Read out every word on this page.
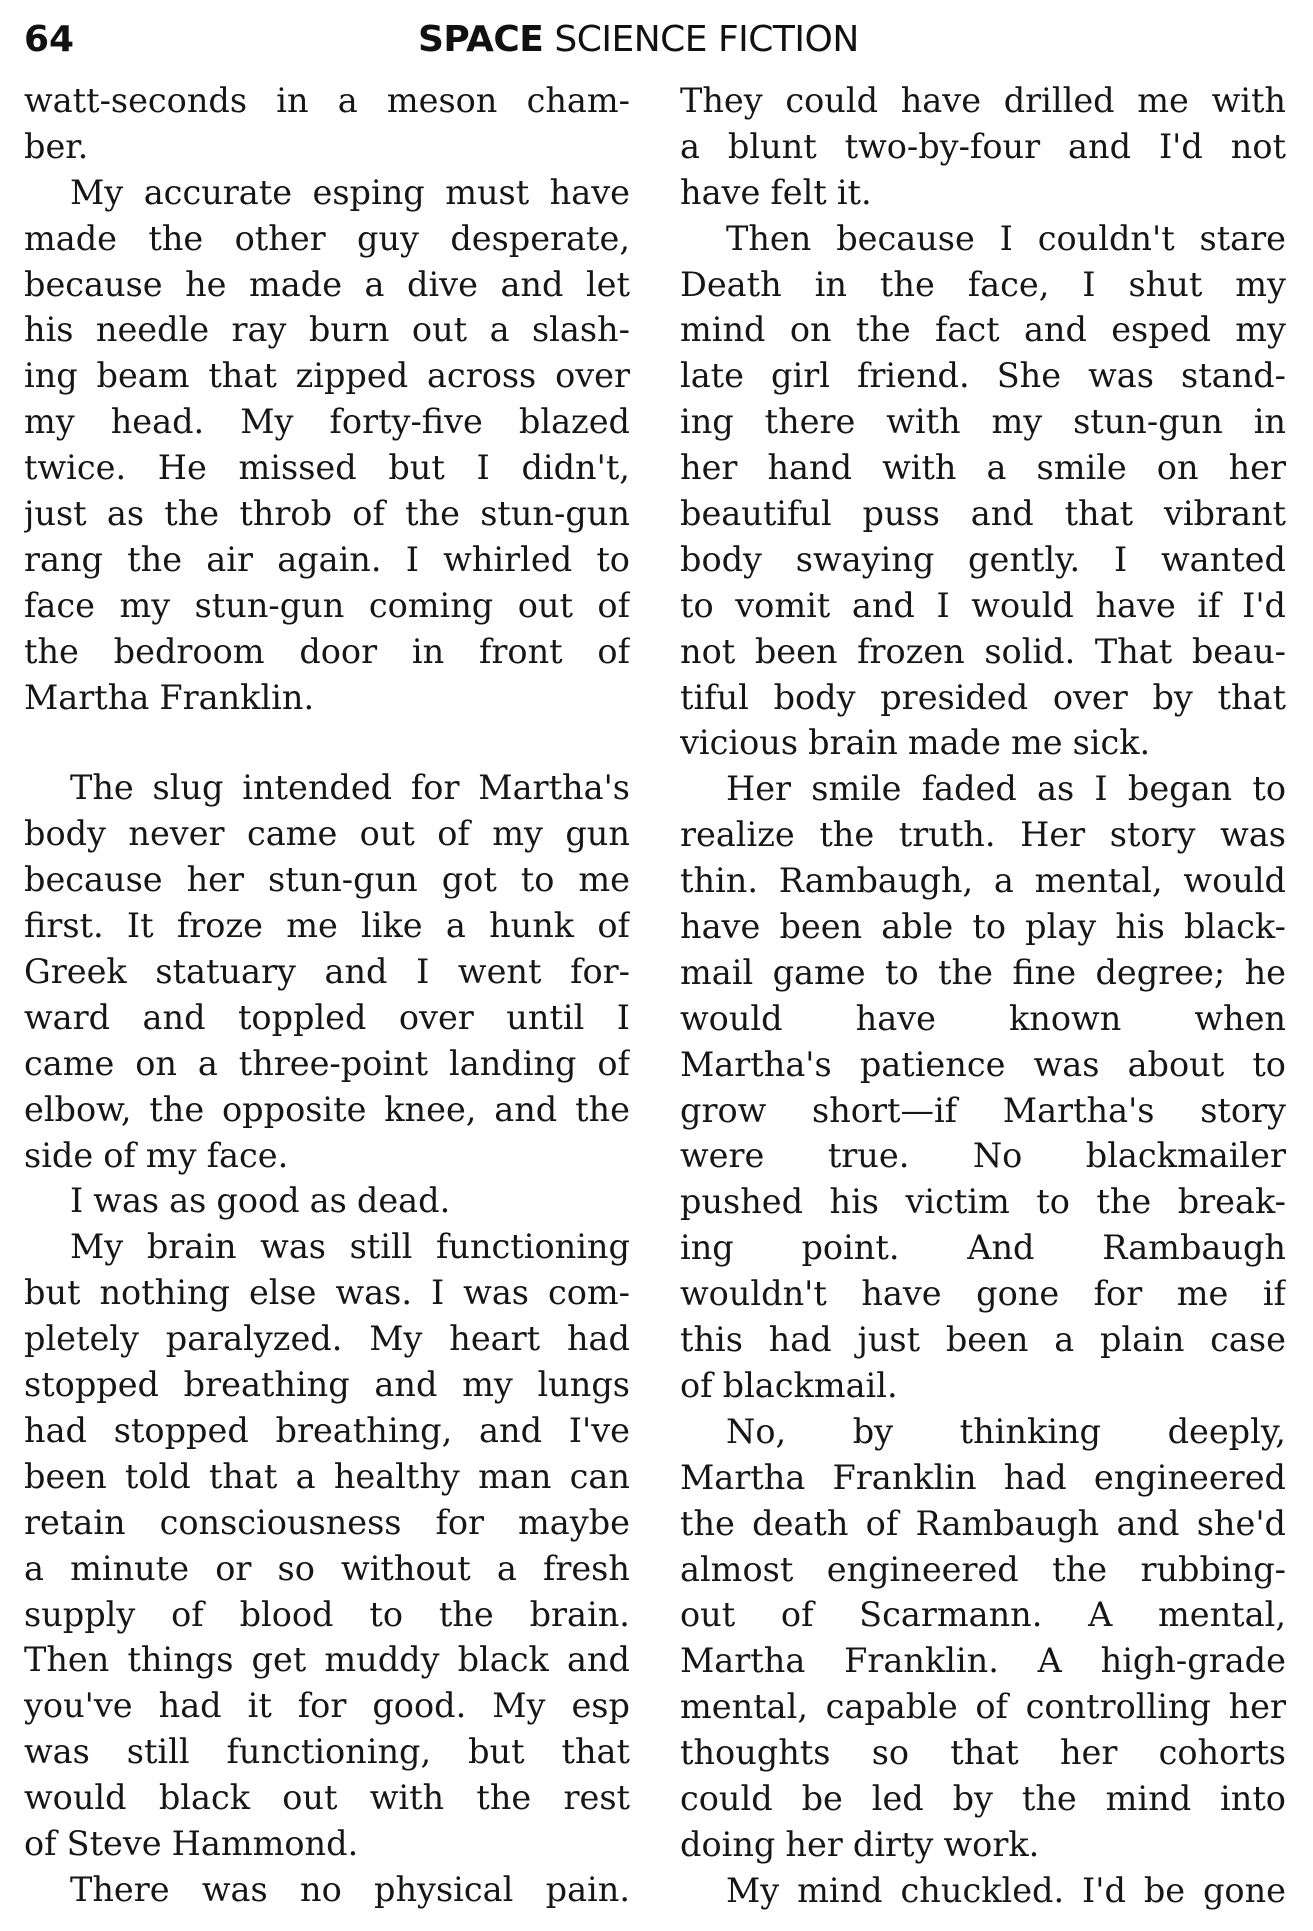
64	SPACE SCIENCE FICTION
watt-seconds in a meson cham-
ber.
My accurate esping must have
made the other guy desperate,
because he made a dive and let
his needle ray burn out a slash-
ing beam that zipped across over
my head. My forty-five blazed
twice. He missed but I didn't,
just as the throb of the stun-gun
rang the air again. I whirled to
face my stun-gun coming out of
the bedroom door in front of
Martha Franklin.
The slug intended for Martha's
body never came out of my gun
because her stun-gun got to me
first. It froze me like a hunk of
Greek statuary and I went for-
ward and toppled over until I
came on a three-point landing of
elbow, the opposite knee, and the
side of my face.
I was as good as dead.
My brain was still functioning
but nothing else was. I was com-
pletely paralyzed. My heart had
stopped breathing and my lungs
had stopped breathing, and I've
been told that a healthy man can
retain consciousness for maybe
a minute or so without a fresh
supply of blood to the brain.
Then things get muddy black and
you've had it for good. My esp
was still functioning, but that
would black out with the rest
of Steve Hammond.
There was no physical pain.
They could have drilled me with
a blunt two-by-four and I'd not
have felt it.
Then because I couldn't stare
Death in the face, I shut my
mind on the fact and esped my
late girl friend. She was stand-
ing there with my stun-gun in
her hand with a smile on her
beautiful puss and that vibrant
body swaying gently. I wanted
to vomit and I would have if I'd
not been frozen solid. That beau-
tiful body presided over by that
vicious brain made me sick.
Her smile faded as I began to
realize the truth. Her story was
thin. Rambaugh, a mental, would
have been able to play his black-
mail game to the fine degree; he
would have known when
Martha's patience was about to
grow short—if Martha's story
were true. No blackmailer
pushed his victim to the break-
ing point. And Rambaugh
wouldn't have gone for me if
this had just been a plain case
of blackmail.
No, by thinking deeply,
Martha Franklin had engineered
the death of Rambaugh and she'd
almost engineered the rubbing-
out of Scarmann. A mental,
Martha Franklin. A high-grade
mental, capable of controlling her
thoughts so that her cohorts
could be led by the mind into
doing her dirty work.
My mind chuckled. I'd be gone
